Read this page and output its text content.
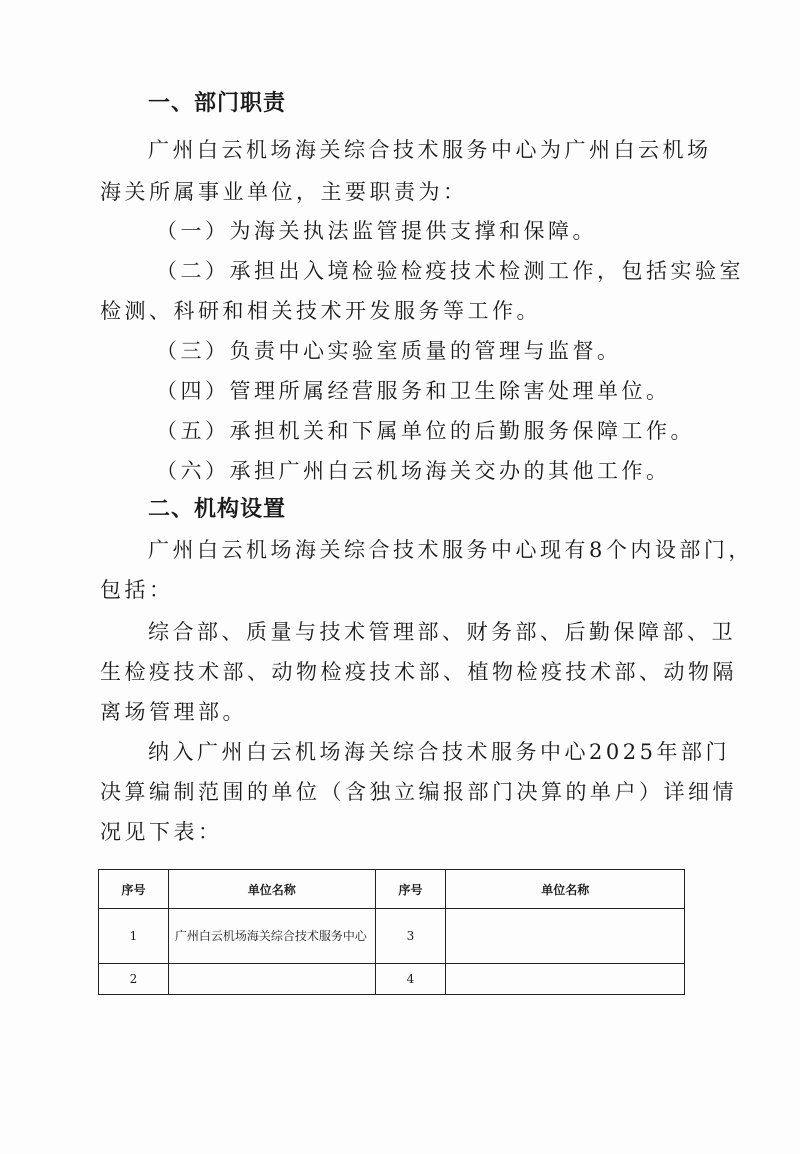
一、部门职责

广州白云机场海关综合技术服务中心为广州白云机场

海关所属事业单位，主要职责为：

（一）为海关执法监管提供支撑和保障。

（二）承担出入境检验检疫技术检测工作，包括实验室

检测、科研和相关技术开发服务等工作。

（三）负责中心实验室质量的管理与监督。

（四）管理所属经营服务和卫生除害处理单位。

（五）承担机关和下属单位的后勤服务保障工作。

（六）承担广州白云机场海关交办的其他工作。

二、机构设置

广州白云机场海关综合技术服务中心现有8个内设部门，

包括：

综合部、质量与技术管理部、财务部、后勤保障部、卫

生检疫技术部、动物检疫技术部、植物检疫技术部、动物隔

离场管理部。

纳入广州白云机场海关综合技术服务中心2025年部门

决算编制范围的单位（含独立编报部门决算的单户）详细情

况见下表：

序号	单位名称	序号	单位名称
1	广州白云机场海关综合技术服务中心	3	
2		4	
